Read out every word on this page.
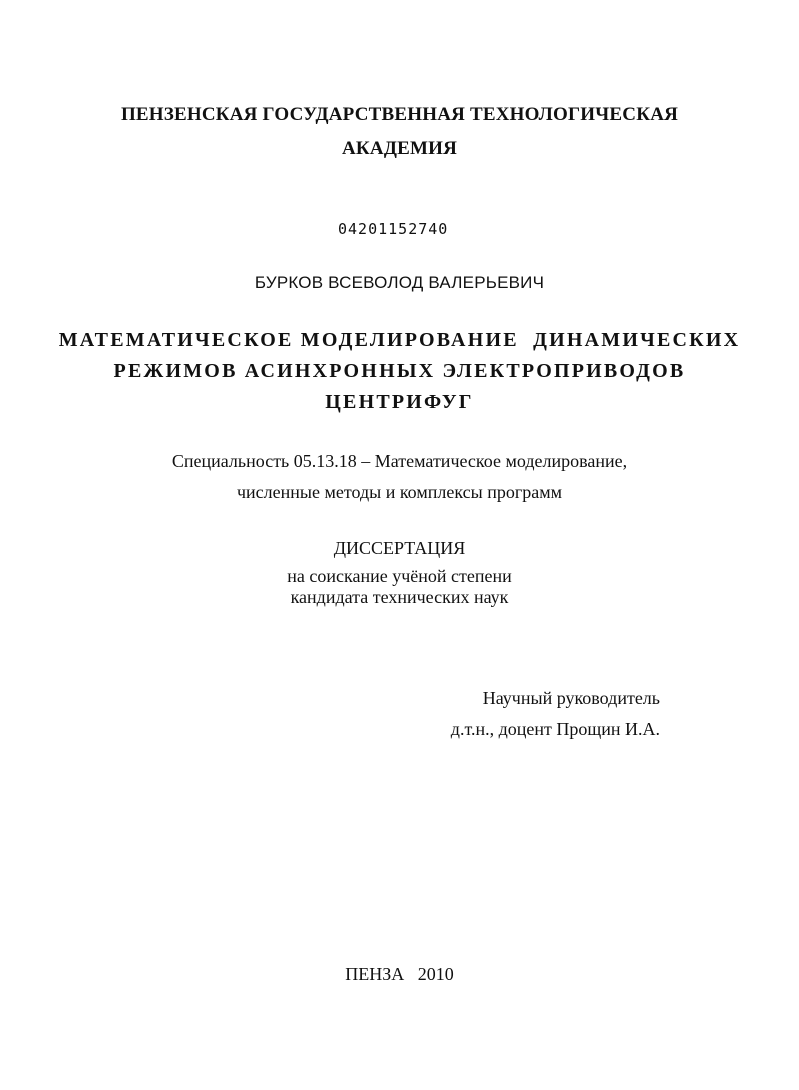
ПЕНЗЕНСКАЯ ГОСУДАРСТВЕННАЯ ТЕХНОЛОГИЧЕСКАЯ
АКАДЕМИЯ
04201152740
БУРКОВ ВСЕВОЛОД ВАЛЕРЬЕВИЧ
МАТЕМАТИЧЕСКОЕ МОДЕЛИРОВАНИЕ  ДИНАМИЧЕСКИХ
РЕЖИМОВ АСИНХРОННЫХ ЭЛЕКТРОПРИВОДОВ
ЦЕНТРИФУГ
Специальность 05.13.18 – Математическое моделирование,
численные методы и комплексы программ
ДИССЕРТАЦИЯ
на соискание учёной степени
кандидата технических наук
Научный руководитель
д.т.н., доцент Прощин И.А.
ПЕНЗА   2010
